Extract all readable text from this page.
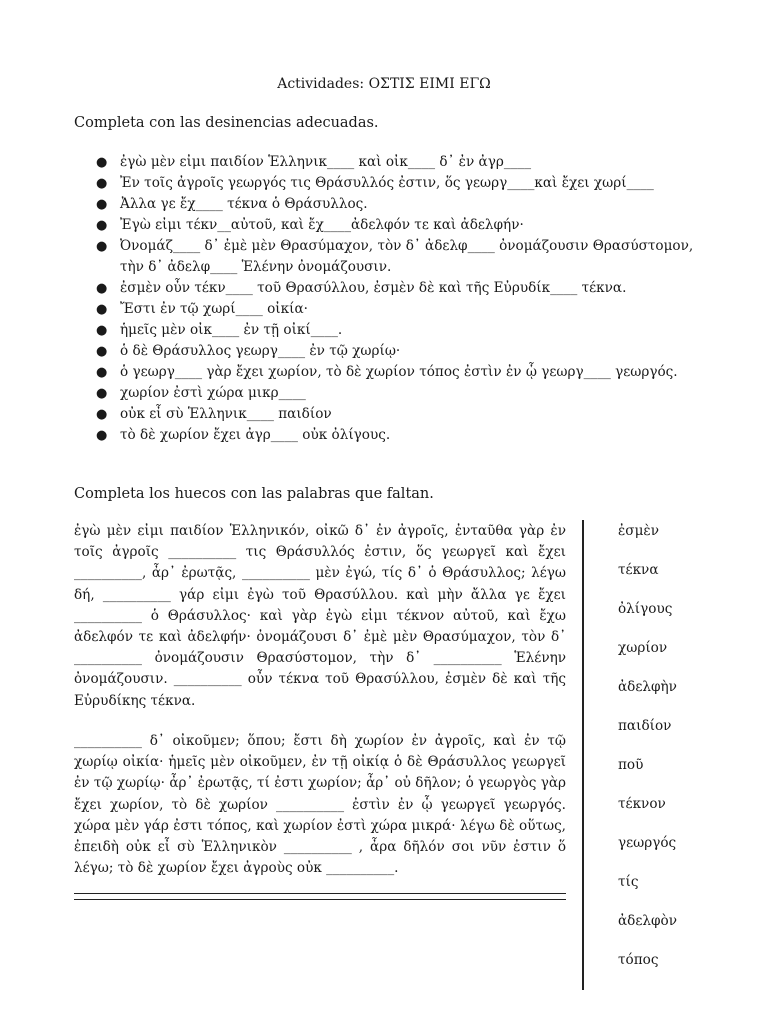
Actividades: ΟΣΤΙΣ ΕΙΜΙ ΕΓΩ
Completa con las desinencias adecuadas.
● ἐγὼ μὲν εἰμι παιδίον Ἑλληνικ____ καὶ οἰκ____ δ᾽ ἐν ἀγρ____
● Ἐν τοῖς ἀγροῖς γεωργός τις Θράσυλλός ἐστιν, ὅς γεωργ____καὶ ἔχει χωρί____
● Ἀλλα γε ἔχ____ τέκνα ὁ Θράσυλλος.
● Ἐγὼ εἰμι τέκν__αὐτοῦ, καὶ ἔχ____ἀδελφόν τε καὶ ἀδελφήν·
● Ὀνομάζ____ δ᾽ ἐμὲ μὲν Θρασύμαχον, τὸν δ᾽ ἀδελφ____ ὀνομάζουσιν Θρασύστομον, τὴν δ᾽ ἀδελφ____ Ἑλένην ὀνομάζουσιν.
● ἐσμὲν οὖν τέκν____ τοῦ Θρασύλλου, ἐσμὲν δὲ καὶ τῆς Εὐρυδίκ____ τέκνα.
● Ἔστι ἐν τῷ χωρί____ οἰκία·
● ἡμεῖς μὲν οἰκ____ ἐν τῇ οἰκί____.
● ὁ δὲ Θράσυλλος γεωργ____ ἐν τῷ χωρίῳ·
● ὁ γεωργ____ γὰρ ἔχει χωρίον, τὸ δὲ χωρίον τόπος ἐστὶν ἐν ᾧ γεωργ____ γεωργός.
● χωρίον ἐστὶ χώρα μικρ____
● οὐκ εἶ σὺ Ἑλληνικ____ παιδίον
● τὸ δὲ χωρίον ἔχει ἀγρ____ οὐκ ὀλίγους.
Completa los huecos con las palabras que faltan.

ἐγὼ μὲν εἰμι παιδίον Ἑλληνικόν, οἰκῶ δ᾽ ἐν ἀγροῖς, ἐνταῦθα γὰρ ἐν τοῖς ἀγροῖς __________ τις Θράσυλλός ἐστιν, ὅς γεωργεῖ καὶ ἔχει __________, ἆρ᾽ ἐρωτᾷς, __________ μὲν ἐγώ, τίς δ᾽ ὁ Θράσυλλος; λέγω δή, __________ γάρ εἰμι ἐγὼ τοῦ Θρασύλλου. καὶ μὴν ἄλλα γε ἔχει __________ ὁ Θράσυλλος· καὶ γὰρ ἐγὼ εἰμι τέκνον αὐτοῦ, καὶ ἔχω ἀδελφόν τε καὶ ἀδελφήν· ὀνομάζουσι δ᾽ ἐμὲ μὲν Θρασύμαχον, τὸν δ᾽ __________ ὀνομάζουσιν Θρασύστομον, τὴν δ᾽ __________ Ἑλένην ὀνομάζουσιν. __________ οὖν τέκνα τοῦ Θρασύλλου, ἐσμὲν δὲ καὶ τῆς Εὐρυδίκης τέκνα.

__________ δ᾽ οἰκοῦμεν; ὅπου; ἔστι δὴ χωρίον ἐν ἀγροῖς, καὶ ἐν τῷ χωρίῳ οἰκία· ἡμεῖς μὲν οἰκοῦμεν, ἐν τῇ οἰκίᾳ ὁ δὲ Θράσυλλος γεωργεῖ ἐν τῷ χωρίῳ· ἆρ᾽ ἐρωτᾷς, τί ἐστι χωρίον; ἆρ᾽ οὐ δῆλον; ὁ γεωργὸς γὰρ ἔχει χωρίον, τὸ δὲ χωρίον __________ ἐστὶν ἐν ᾧ γεωργεῖ γεωργός. χώρα μὲν γάρ ἐστι τόπος, καὶ χωρίον ἐστὶ χώρα μικρά· λέγω δὲ οὕτως, ἐπειδὴ οὐκ εἶ σὺ Ἑλληνικὸν __________ , ἆρα δῆλόν σοι νῦν ἐστιν ὅ λέγω; τὸ δὲ χωρίον ἔχει ἀγροὺς οὐκ __________.

ἐσμὲν
τέκνα
ὀλίγους
χωρίον
ἀδελφὴν
παιδίον
ποῦ
τέκνον
γεωργός
τίς
ἀδελφὸν
τόπος
